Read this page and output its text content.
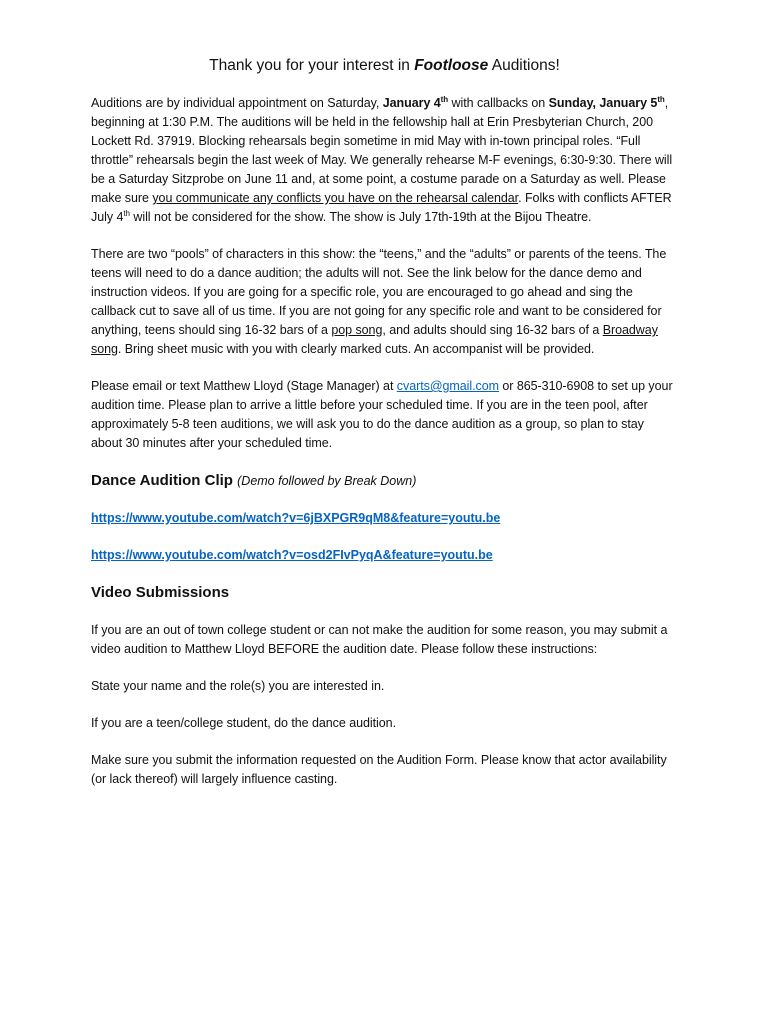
Thank you for your interest in Footloose Auditions!

Auditions are by individual appointment on Saturday, January 4th with callbacks on Sunday, January 5th, beginning at 1:30 P.M. The auditions will be held in the fellowship hall at Erin Presbyterian Church, 200 Lockett Rd. 37919. Blocking rehearsals begin sometime in mid May with in-town principal roles. “Full throttle” rehearsals begin the last week of May. We generally rehearse M-F evenings, 6:30-9:30. There will be a Saturday Sitzprobe on June 11 and, at some point, a costume parade on a Saturday as well. Please make sure you communicate any conflicts you have on the rehearsal calendar. Folks with conflicts AFTER July 4th will not be considered for the show. The show is July 17th-19th at the Bijou Theatre.

There are two “pools” of characters in this show: the “teens,” and the “adults” or parents of the teens. The teens will need to do a dance audition; the adults will not. See the link below for the dance demo and instruction videos. If you are going for a specific role, you are encouraged to go ahead and sing the callback cut to save all of us time. If you are not going for any specific role and want to be considered for anything, teens should sing 16-32 bars of a pop song, and adults should sing 16-32 bars of a Broadway song. Bring sheet music with you with clearly marked cuts. An accompanist will be provided.

Please email or text Matthew Lloyd (Stage Manager) at cvarts@gmail.com or 865-310-6908 to set up your audition time. Please plan to arrive a little before your scheduled time. If you are in the teen pool, after approximately 5-8 teen auditions, we will ask you to do the dance audition as a group, so plan to stay about 30 minutes after your scheduled time.

Dance Audition Clip (Demo followed by Break Down)
https://www.youtube.com/watch?v=6jBXPGR9qM8&feature=youtu.be
https://www.youtube.com/watch?v=osd2FIvPyqA&feature=youtu.be
Video Submissions

If you are an out of town college student or can not make the audition for some reason, you may submit a video audition to Matthew Lloyd BEFORE the audition date. Please follow these instructions:

State your name and the role(s) you are interested in.

If you are a teen/college student, do the dance audition.

Make sure you submit the information requested on the Audition Form. Please know that actor availability (or lack thereof) will largely influence casting.
